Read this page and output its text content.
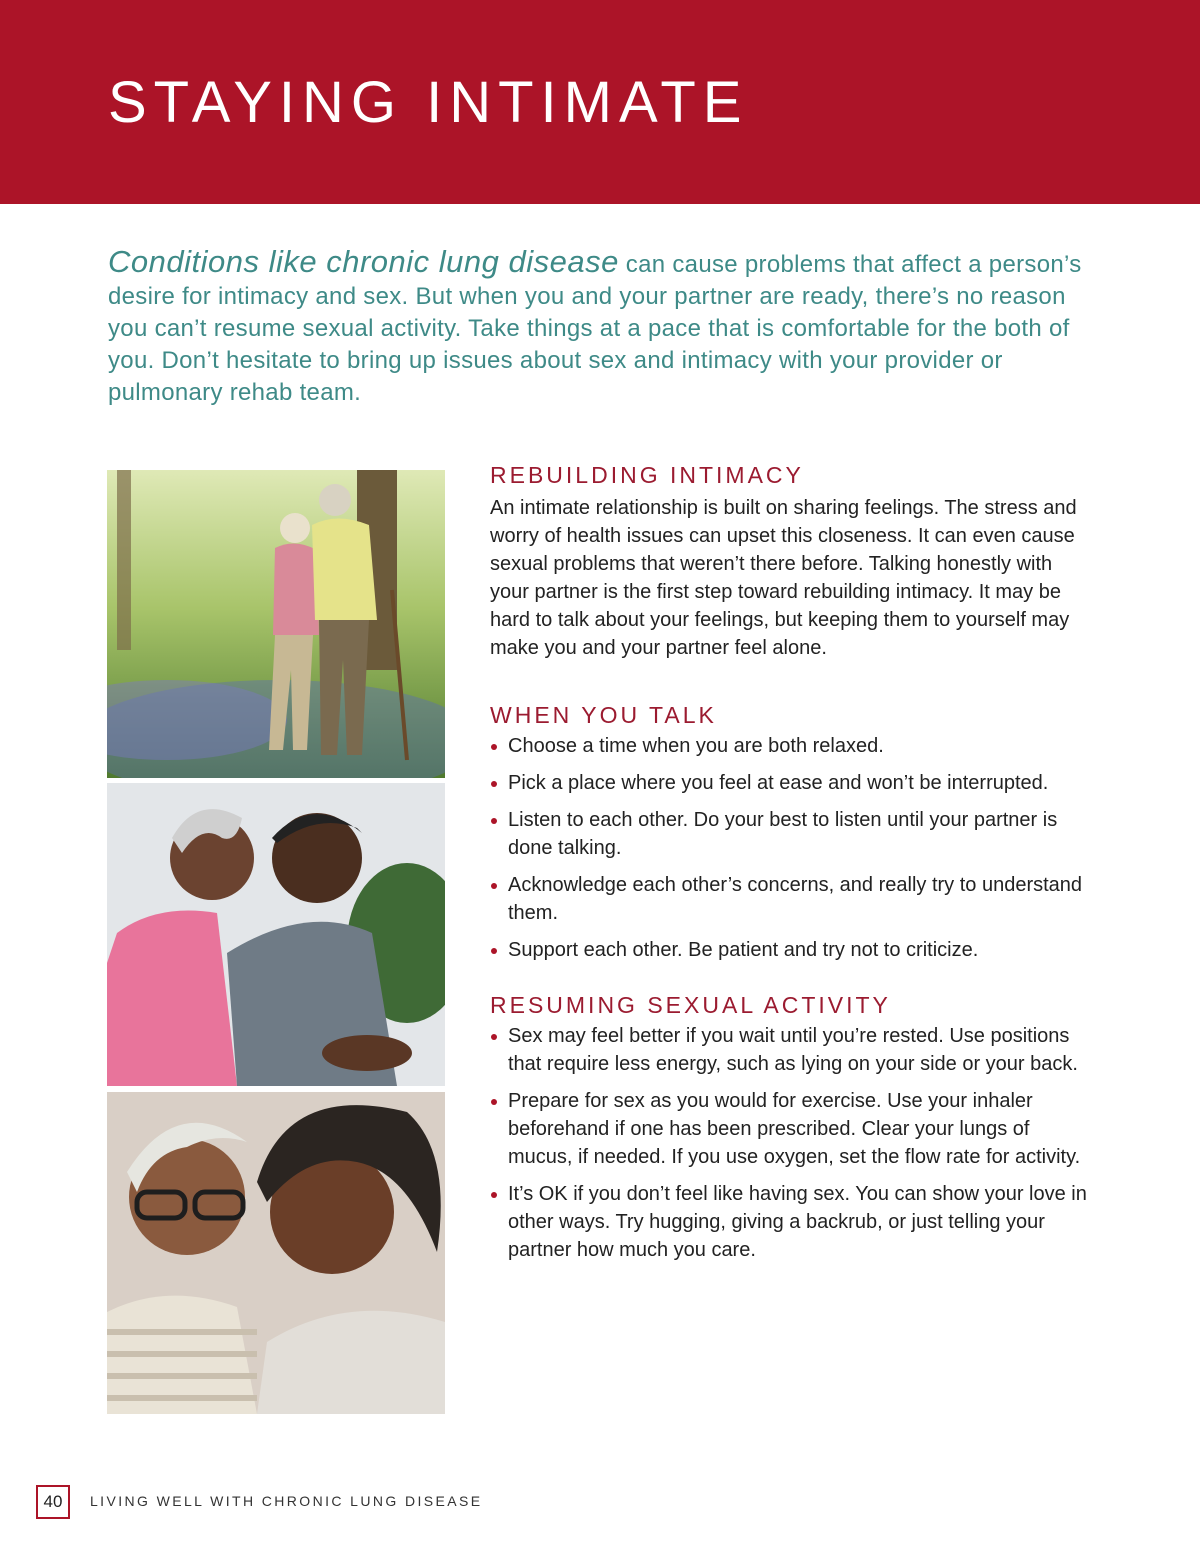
STAYING INTIMATE
Conditions like chronic lung disease can cause problems that affect a person’s desire for intimacy and sex. But when you and your partner are ready, there’s no reason you can’t resume sexual activity. Take things at a pace that is comfortable for the both of you. Don’t hesitate to bring up issues about sex and intimacy with your provider or pulmonary rehab team.
REBUILDING INTIMACY

An intimate relationship is built on sharing feelings. The stress and worry of health issues can upset this closeness. It can even cause sexual problems that weren’t there before. Talking honestly with your partner is the first step toward rebuilding intimacy. It may be hard to talk about your feelings, but keeping them to yourself may make you and your partner feel alone.

WHEN YOU TALK
Choose a time when you are both relaxed.
Pick a place where you feel at ease and won’t be interrupted.
Listen to each other. Do your best to listen until your partner is done talking.
Acknowledge each other’s concerns, and really try to understand them.
Support each other. Be patient and try not to criticize.
RESUMING SEXUAL ACTIVITY
Sex may feel better if you wait until you’re rested. Use positions that require less energy, such as lying on your side or your back.
Prepare for sex as you would for exercise. Use your inhaler beforehand if one has been prescribed. Clear your lungs of mucus, if needed. If you use oxygen, set the flow rate for activity.
It’s OK if you don’t feel like having sex. You can show your love in other ways. Try hugging, giving a backrub, or just telling your partner how much you care.
40	LIVING WELL WITH CHRONIC LUNG DISEASE
